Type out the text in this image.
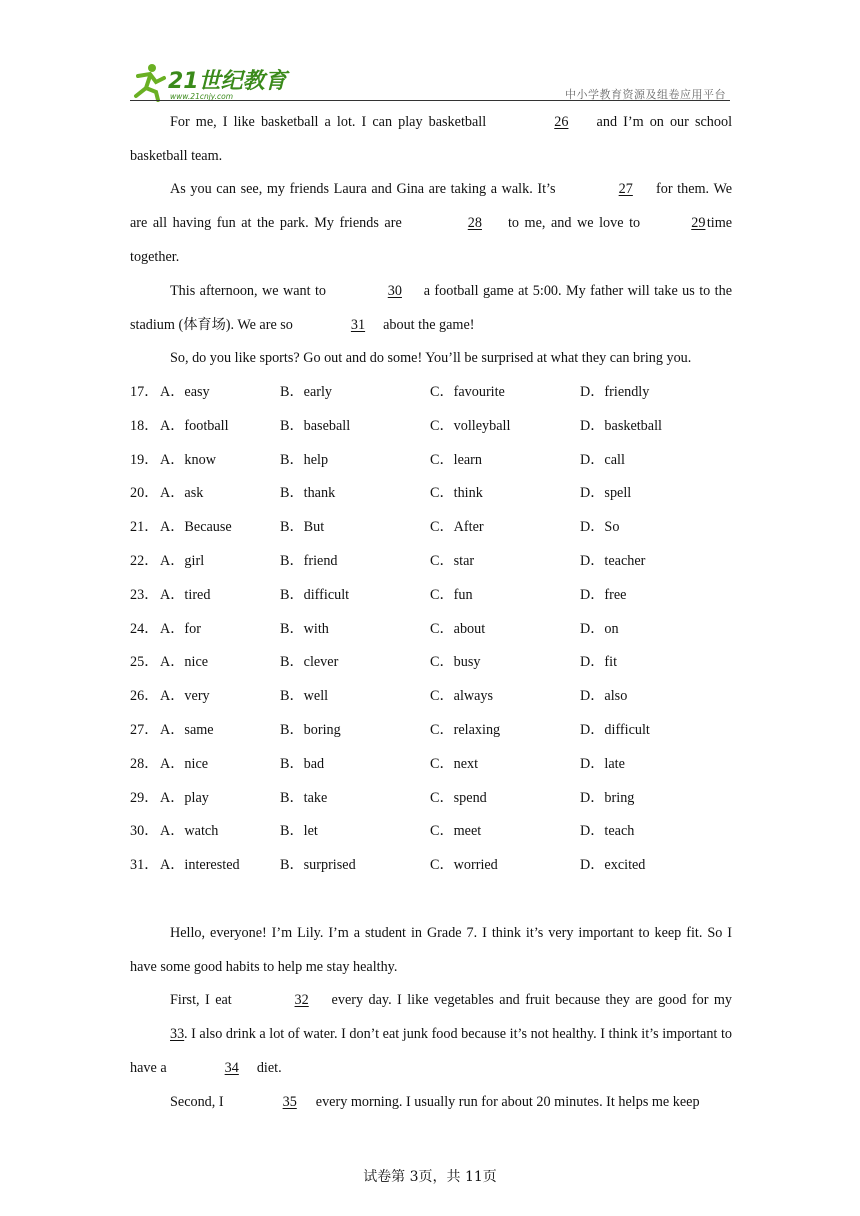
21世纪教育
www.21cnjy.com	中小学教育资源及组卷应用平台

For me, I like basketball a lot. I can play basketball	26 and I’m on our school basketball team.

As you can see, my friends Laura and Gina are taking a walk. It’s	27 for them. We are all having fun at the park. My friends are	28 to me, and we love to	29 time together.

This afternoon, we want to	30 a football game at 5:00. My father will take us to the stadium (体育场). We are so	31 about the game!

So, do you like sports? Go out and do some! You’ll be surprised at what they can bring you.

17． A．easy	B．early	C．favourite	D．friendly
18． A．football	B．baseball	C．volleyball	D．basketball
19． A．know	B．help	C．learn	D．call
20． A．ask	B．thank	C．think	D．spell
21． A．Because	B．But	C．After	D．So
22． A．girl	B．friend	C．star	D．teacher
23． A．tired	B．difficult	C．fun	D．free
24． A．for	B．with	C．about	D．on
25． A．nice	B．clever	C．busy	D．fit
26． A．very	B．well	C．always	D．also
27． A．same	B．boring	C．relaxing	D．difficult
28． A．nice	B．bad	C．next	D．late
29． A．play	B．take	C．spend	D．bring
30． A．watch	B．let	C．meet	D．teach
31． A．interested	B．surprised	C．worried	D．excited

Hello, everyone! I’m Lily. I’m a student in Grade 7. I think it’s very important to keep fit. So I have some good habits to help me stay healthy.

First, I eat	32 every day. I like vegetables and fruit because they are good for my 33. I also drink a lot of water. I don’t eat junk food because it’s not healthy. I think it’s important to have a	34 diet.

Second, I	35 every morning. I usually run for about 20 minutes. It helps me keep

试卷第 3页，共 11页
